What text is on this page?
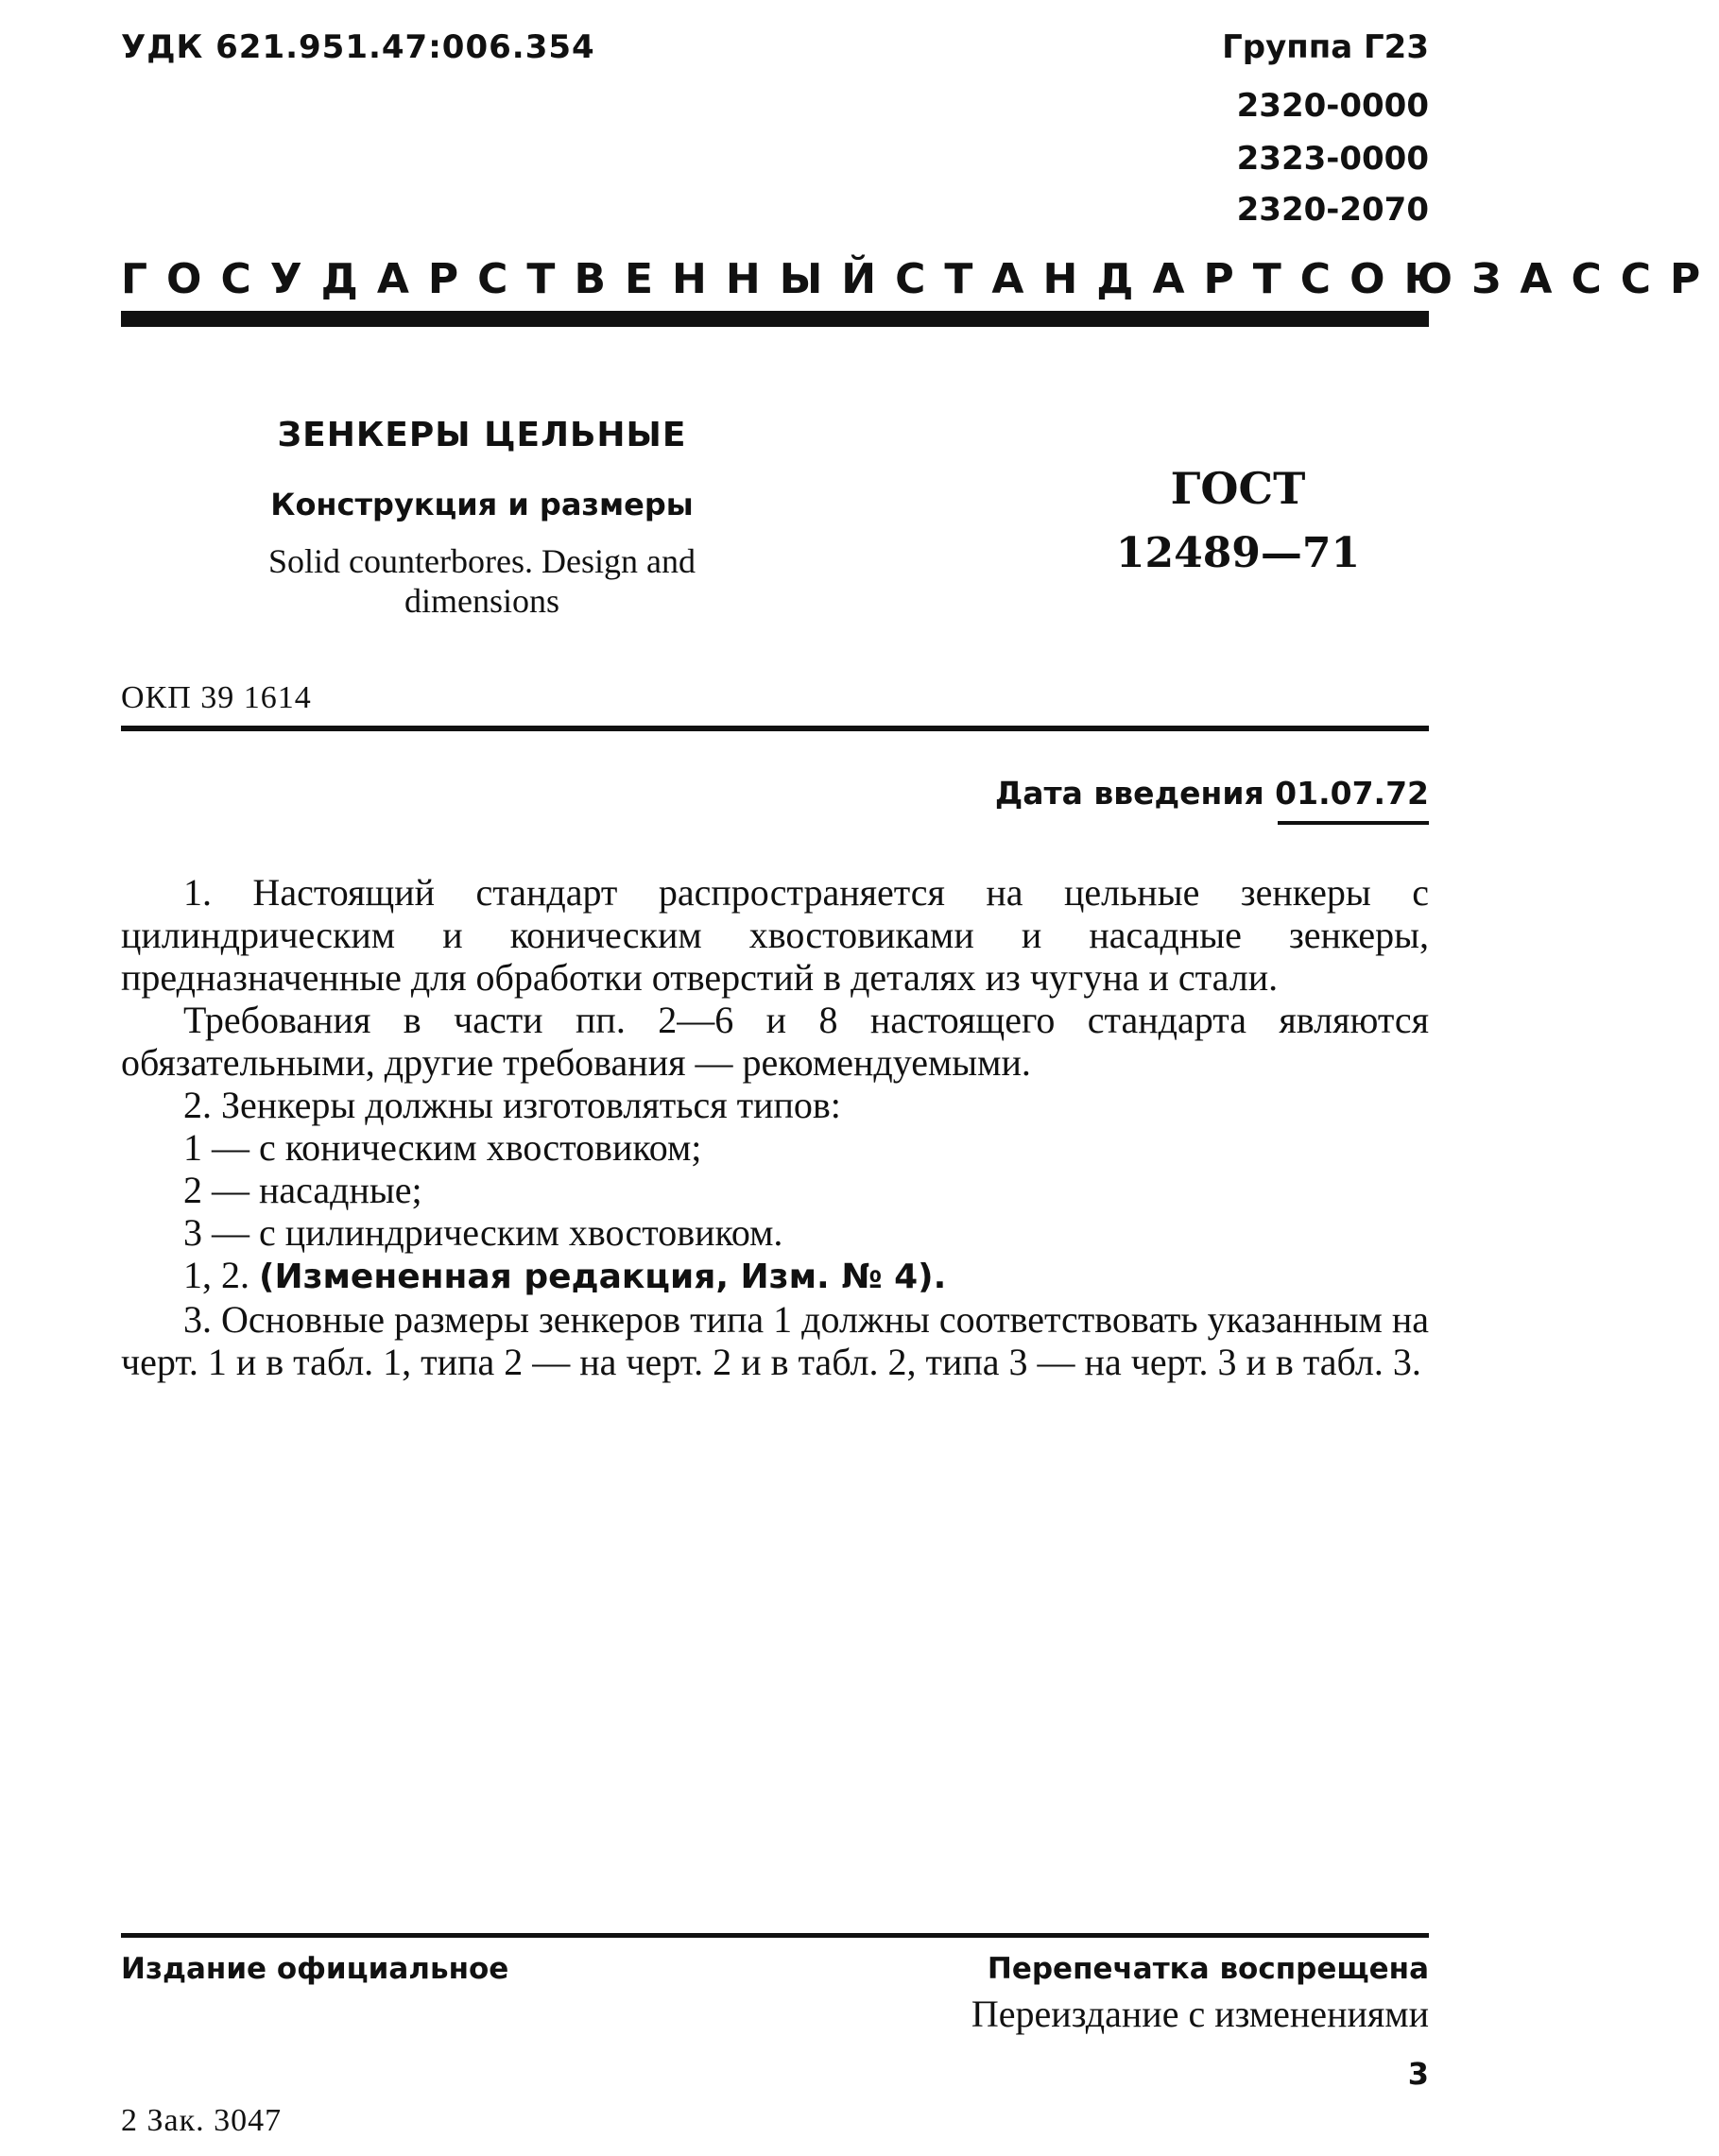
УДК 621.951.47:006.354	Группа Г23
2320-0000
2323-0000
2320-2070
ГОСУДАРСТВЕННЫЙ СТАНДАРТ СОЮЗА ССР
ЗЕНКЕРЫ ЦЕЛЬНЫЕ
Конструкция и размеры
Solid counterbores. Design and dimensions
ГОСТ
12489—71
ОКП 39 1614
Дата введения 01.07.72

1. Настоящий стандарт распространяется на цельные зенкеры с цилиндрическим и коническим хвостовиками и насадные зенкеры, предназначенные для обработки отверстий в деталях из чугуна и стали.

Требования в части пп. 2—6 и 8 настоящего стандарта являются обязательными, другие требования — рекомендуемыми.

2. Зенкеры должны изготовляться типов:

1 — с коническим хвостовиком;

2 — насадные;

3 — с цилиндрическим хвостовиком.

1, 2. (Измененная редакция, Изм. № 4).

3. Основные размеры зенкеров типа 1 должны соответствовать указанным на черт. 1 и в табл. 1, типа 2 — на черт. 2 и в табл. 2, типа 3 — на черт. 3 и в табл. 3.

Издание официальное	Перепечатка воспрещена
Переиздание с изменениями
3
2 Зак. 3047
